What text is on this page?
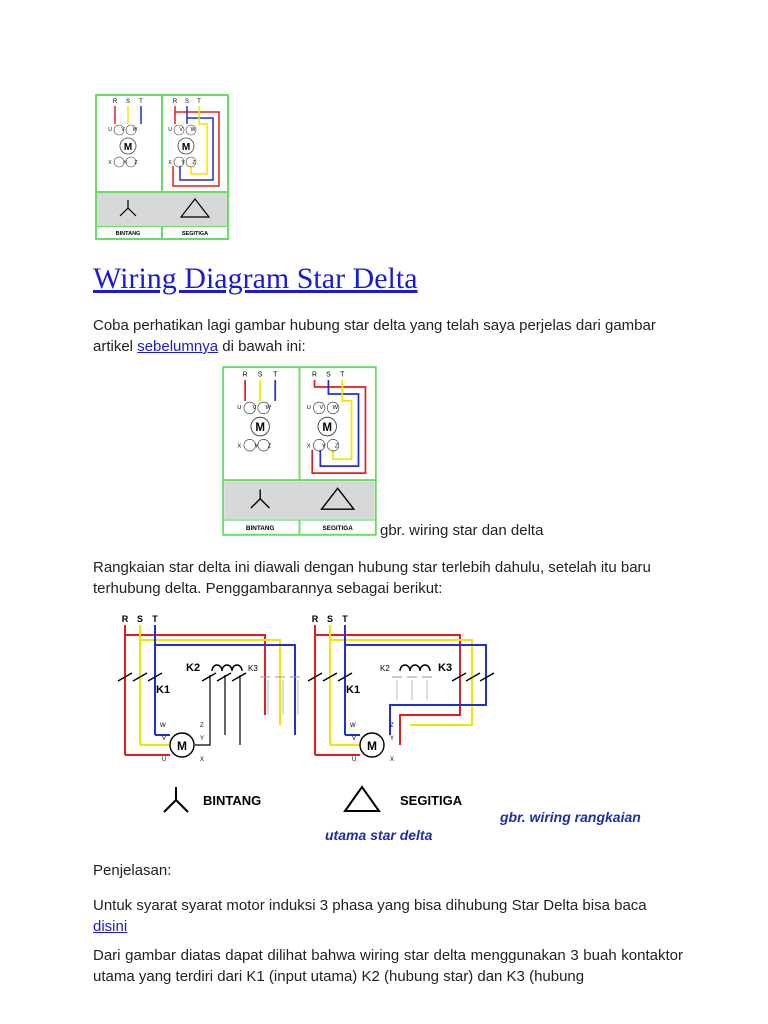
R S T
U V W
M
X Y Z
R S T
U V W
M
X Y Z
BINTANG	SEGITIGA
Wiring Diagram Star Delta
Coba perhatikan lagi gambar hubung star delta yang telah saya perjelas dari gambar artikel sebelumnya di bawah ini:
R S T
U V W
M
X	Y Z
R S T
U V W
M
X Y Z
BINTANG	SEGITIGA gbr. wiring star dan delta
Rangkaian star delta ini diawali dengan hubung star terlebih dahulu, setelah itu baru terhubung delta. Penggambarannya sebagai berikut:
R S T
K1
K2	K3
M
W	Z
V	Y
U	X
R S T
K1
K2	K3
M
W	Z
V	Y
U	X
BINTANG	SEGITIGA
gbr. wiring rangkaian
utama star delta
Penjelasan:
Untuk syarat syarat motor induksi 3 phasa yang bisa dihubung Star Delta bisa baca disini
Dari gambar diatas dapat dilihat bahwa wiring star delta menggunakan 3 buah kontaktor utama yang terdiri dari K1 (input utama) K2 (hubung star) dan K3 (hubung
